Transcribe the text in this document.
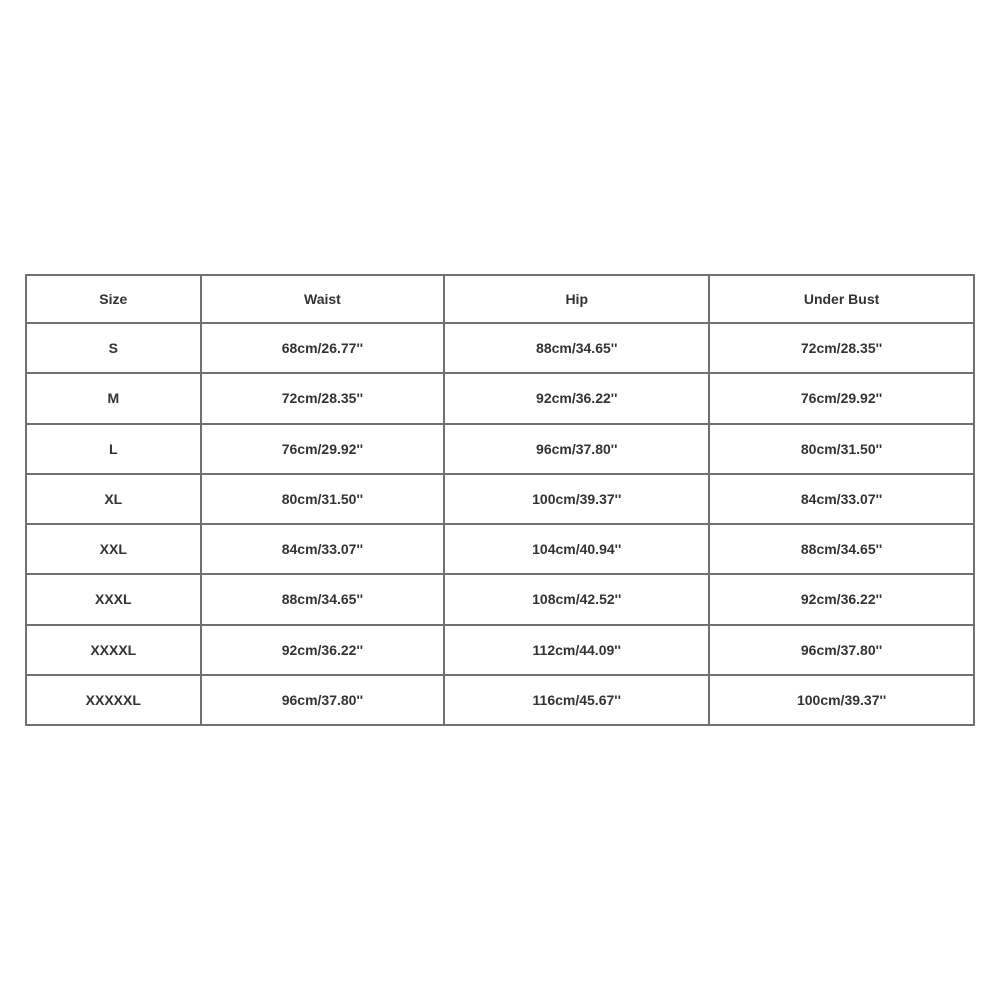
Size	Waist	Hip	Under Bust
S	68cm/26.77''	88cm/34.65''	72cm/28.35''
M	72cm/28.35''	92cm/36.22''	76cm/29.92''
L	76cm/29.92''	96cm/37.80''	80cm/31.50''
XL	80cm/31.50''	100cm/39.37''	84cm/33.07''
XXL	84cm/33.07''	104cm/40.94''	88cm/34.65''
XXXL	88cm/34.65''	108cm/42.52''	92cm/36.22''
XXXXL	92cm/36.22''	112cm/44.09''	96cm/37.80''
XXXXXL	96cm/37.80''	116cm/45.67''	100cm/39.37''
